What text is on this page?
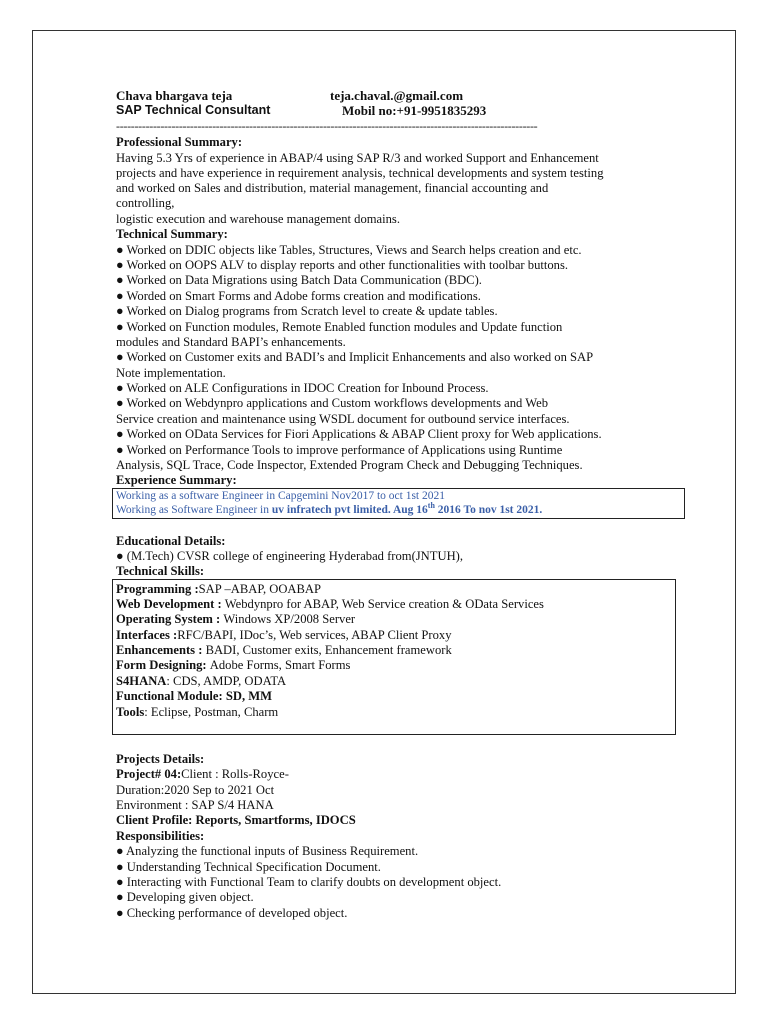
Chava bhargava teja	teja.chaval.@gmail.com
SAP Technical Consultant	Mobil no:+91-9951835293
------------------------------------------------------------------------------------------------------------------
Professional Summary:
Having 5.3 Yrs of experience in ABAP/4 using SAP R/3 and worked Support and Enhancement
projects and have experience in requirement analysis, technical developments and system testing
and worked on Sales and distribution, material management, financial accounting and
controlling,
logistic execution and warehouse management domains.
Technical Summary:
● Worked on DDIC objects like Tables, Structures, Views and Search helps creation and etc.
● Worked on OOPS ALV to display reports and other functionalities with toolbar buttons.
● Worked on Data Migrations using Batch Data Communication (BDC).
● Worded on Smart Forms and Adobe forms creation and modifications.
● Worked on Dialog programs from Scratch level to create & update tables.
● Worked on Function modules, Remote Enabled function modules and Update function
modules and Standard BAPI’s enhancements.
● Worked on Customer exits and BADI’s and Implicit Enhancements and also worked on SAP
Note implementation.
● Worked on ALE Configurations in IDOC Creation for Inbound Process.
● Worked on Webdynpro applications and Custom workflows developments and Web
Service creation and maintenance using WSDL document for outbound service interfaces.
● Worked on OData Services for Fiori Applications & ABAP Client proxy for Web applications.
● Worked on Performance Tools to improve performance of Applications using Runtime
Analysis, SQL Trace, Code Inspector, Extended Program Check and Debugging Techniques.
Experience Summary:
Working as a software Engineer in Capgemini Nov2017 to oct 1st 2021
Working as Software Engineer in uv infratech pvt limited. Aug 16th 2016 To nov 1st 2021.
Educational Details:
● (M.Tech) CVSR college of engineering Hyderabad from(JNTUH),
Technical Skills:
Programming :SAP –ABAP, OOABAP
Web Development : Webdynpro for ABAP, Web Service creation & OData Services
Operating System : Windows XP/2008 Server
Interfaces :RFC/BAPI, IDoc’s, Web services, ABAP Client Proxy
Enhancements : BADI, Customer exits, Enhancement framework
Form Designing: Adobe Forms, Smart Forms
S4HANA: CDS, AMDP, ODATA
Functional Module: SD, MM
Tools: Eclipse, Postman, Charm
Projects Details:
Project# 04:Client : Rolls-Royce-
Duration:2020 Sep to 2021 Oct
Environment : SAP S/4 HANA
Client Profile: Reports, Smartforms, IDOCS
Responsibilities:
● Analyzing the functional inputs of Business Requirement.
● Understanding Technical Specification Document.
● Interacting with Functional Team to clarify doubts on development object.
● Developing given object.
● Checking performance of developed object.
